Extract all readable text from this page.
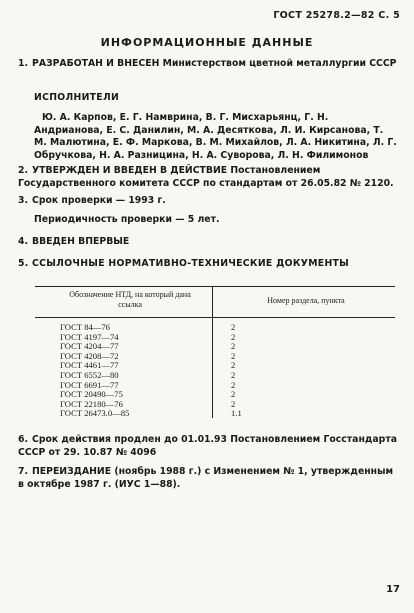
ГОСТ 25278.2—82 С. 5
ИНФОРМАЦИОННЫЕ ДАННЫЕ
1. РАЗРАБОТАН И ВНЕСЕН Министерством цветной металлургии СССР
ИСПОЛНИТЕЛИ
Ю. А. Карпов, Е. Г. Намврина, В. Г. Мисхарьянц, Г. Н. Андрианова, Е. С. Данилин, М. А. Десяткова, Л. И. Кирсанова, Т. М. Малютина, Е. Ф. Маркова, В. М. Михайлов, Л. А. Никитина, Л. Г. Обручкова, Н. А. Разницина, Н. А. Суворова, Л. Н. Филимонов
2. УТВЕРЖДЕН И ВВЕДЕН В ДЕЙСТВИЕ Постановлением Государственного комитета СССР по стандартам от 26.05.82 № 2120.
3. Срок проверки — 1993 г.
Периодичность проверки — 5 лет.
4. ВВЕДЕН ВПЕРВЫЕ
5. ССЫЛОЧНЫЕ НОРМАТИВНО-ТЕХНИЧЕСКИЕ ДОКУМЕНТЫ
Обозначение НТД, на который дана ссылка	Номер раздела, пункта
ГОСТ 84—76	2
ГОСТ 4197—74	2
ГОСТ 4204—77	2
ГОСТ 4208—72	2
ГОСТ 4461—77	2
ГОСТ 6552—80	2
ГОСТ 6691—77	2
ГОСТ 20490—75	2
ГОСТ 22180—76	2
ГОСТ 26473.0—85	1.1
6. Срок действия продлен до 01.01.93 Постановлением Госстандарта СССР от 29. 10.87 № 4096
7. ПЕРЕИЗДАНИЕ (ноябрь 1988 г.) с Изменением № 1, утвержденным в октябре 1987 г. (ИУС 1—88).
17
